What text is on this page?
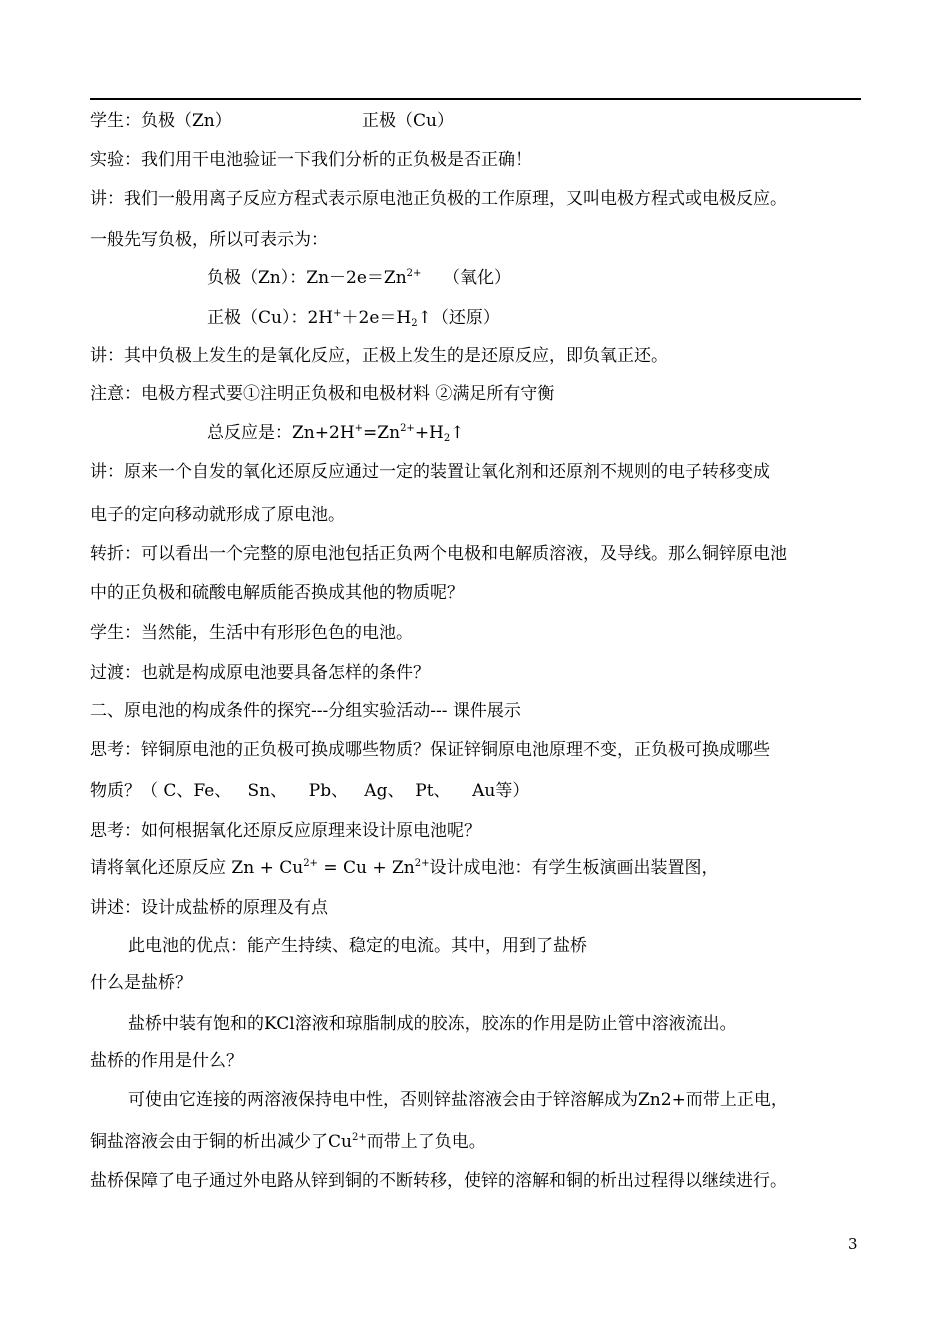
学生：负极（Zn）	正极（Cu）
实验：我们用干电池验证一下我们分析的正负极是否正确！
讲：我们一般用离子反应方程式表示原电池正负极的工作原理，又叫电极方程式或电极反应。
一般先写负极，所以可表示为：
负极（Zn）：$Zn-2e=Zn^{2+}$    （氧化）
正极（Cu）：$2H^++2e=H_2↑$（还原）
讲：其中负极上发生的是氧化反应，正极上发生的是还原反应，即负氧正还。
注意：电极方程式要①注明正负极和电极材料 ②满足所有守衡
总反应是：$Zn+2H^+=Zn^{2+}+H_2↑$
讲：原来一个自发的氧化还原反应通过一定的装置让氧化剂和还原剂不规则的电子转移变成
电子的定向移动就形成了原电池。
转折：可以看出一个完整的原电池包括正负两个电极和电解质溶液，及导线。那么铜锌原电池
中的正负极和硫酸电解质能否换成其他的物质呢？
学生：当然能，生活中有形形色色的电池。
过渡：也就是构成原电池要具备怎样的条件？
二、原电池的构成条件的探究---分组实验活动--- 课件展示
思考：锌铜原电池的正负极可换成哪些物质？保证锌铜原电池原理不变，正负极可换成哪些
物质？（ C、Fe、   Sn、    Pb、   Ag、  Pt、    Au等）
思考：如何根据氧化还原反应原理来设计原电池呢？
请将氧化还原反应 $Zn + Cu^{2+} = Cu + Zn^{2+}$设计成电池：有学生板演画出装置图，
讲述：设计成盐桥的原理及有点
此电池的优点：能产生持续、稳定的电流。其中，用到了盐桥
什么是盐桥？
盐桥中装有饱和的KCl溶液和琼脂制成的胶冻，胶冻的作用是防止管中溶液流出。
盐桥的作用是什么？
可使由它连接的两溶液保持电中性，否则锌盐溶液会由于锌溶解成为Zn2+而带上正电，
铜盐溶液会由于铜的析出减少了$Cu^{2+}$而带上了负电。
盐桥保障了电子通过外电路从锌到铜的不断转移，使锌的溶解和铜的析出过程得以继续进行。
3
